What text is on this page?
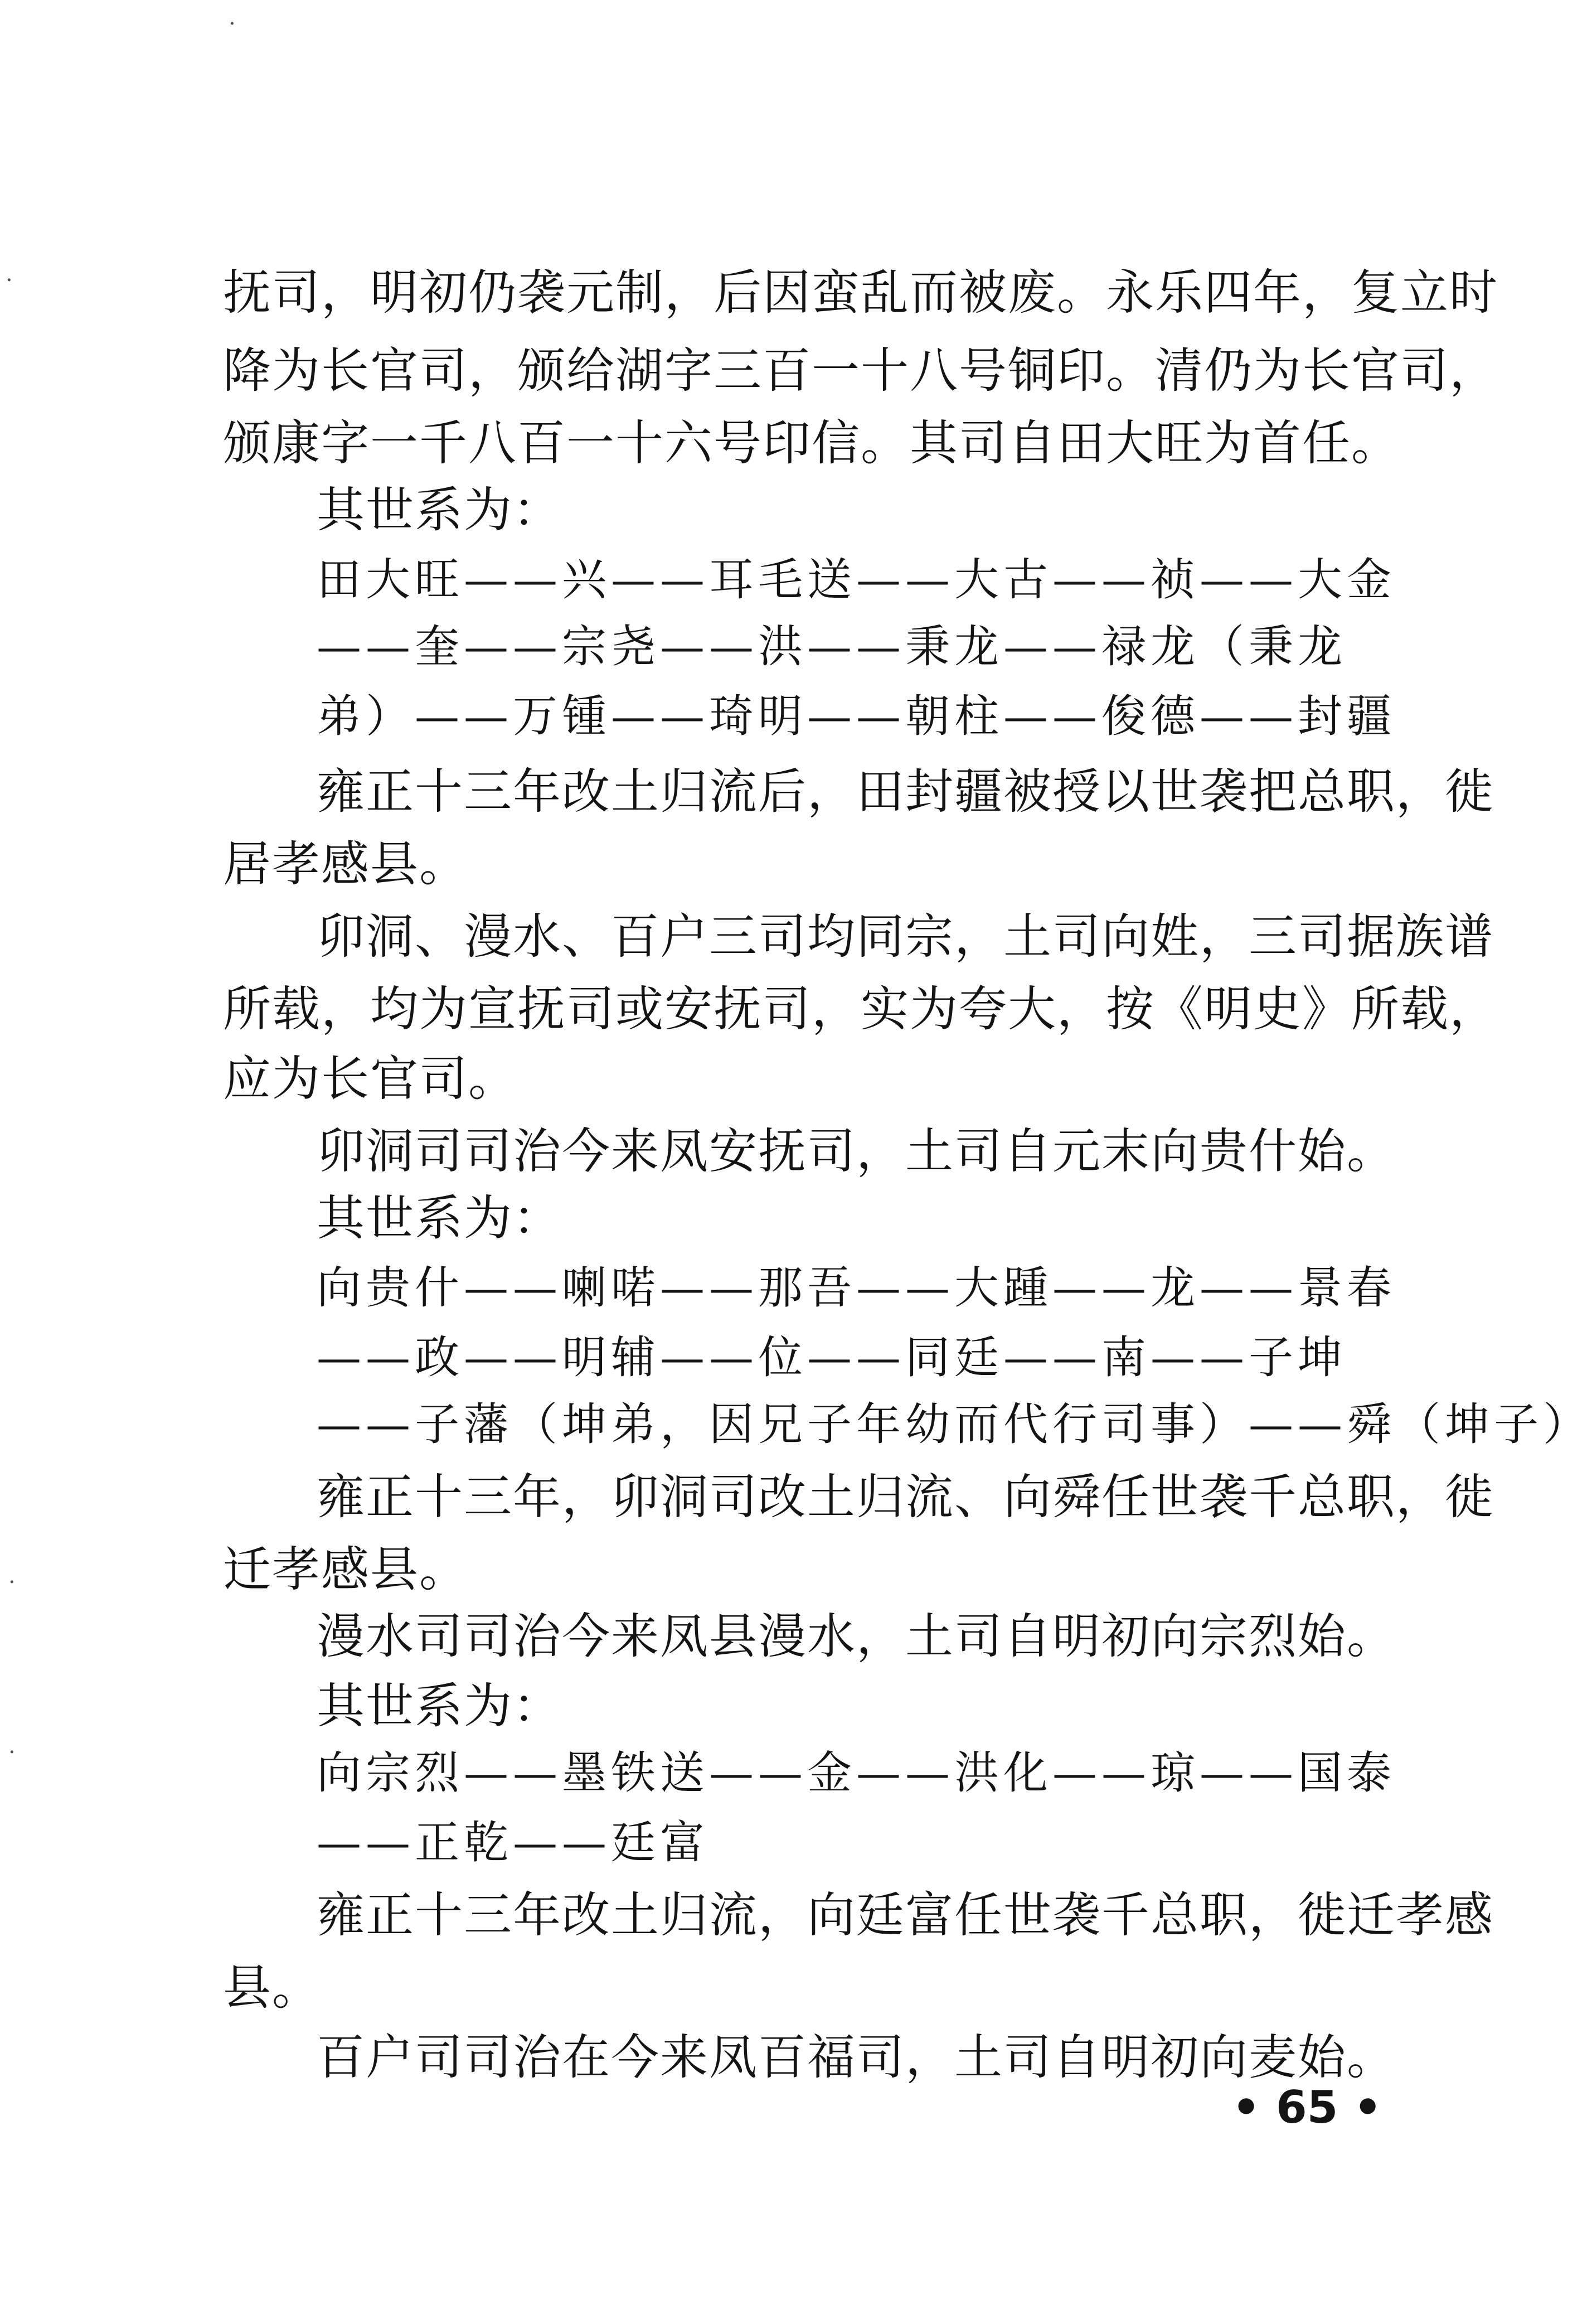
抚司，明初仍袭元制，后因蛮乱而被废。永乐四年，复立时
降为长官司，颁给湖字三百一十八号铜印。清仍为长官司，
颁康字一千八百一十六号印信。其司自田大旺为首任。
其世系为：
田大旺——兴——耳毛送——大古——祯——大金
——奎——宗尧——洪——秉龙——禄龙（秉龙
弟）——万锺——琦明——朝柱——俊德——封疆
雍正十三年改土归流后，田封疆被授以世袭把总职，徙
居孝感县。
卯洞、漫水、百户三司均同宗，土司向姓，三司据族谱
所载，均为宣抚司或安抚司，实为夸大，按《明史》所载，
应为长官司。
卯洞司司治今来凤安抚司，土司自元末向贵什始。
其世系为：
向贵什——喇喏——那吾——大踵——龙——景春
——政——明辅——位——同廷——南——子坤
——子藩（坤弟，因兄子年幼而代行司事）——舜（坤子）
雍正十三年，卯洞司改土归流、向舜任世袭千总职，徙
迁孝感县。
漫水司司治今来凤县漫水，土司自明初向宗烈始。
其世系为：
向宗烈——墨铁送——金——洪化——琼——国泰
——正乾——廷富
雍正十三年改土归流，向廷富任世袭千总职，徙迁孝感
县。
百户司司治在今来凤百福司，土司自明初向麦始。
• 65 •
·
·
·
·
